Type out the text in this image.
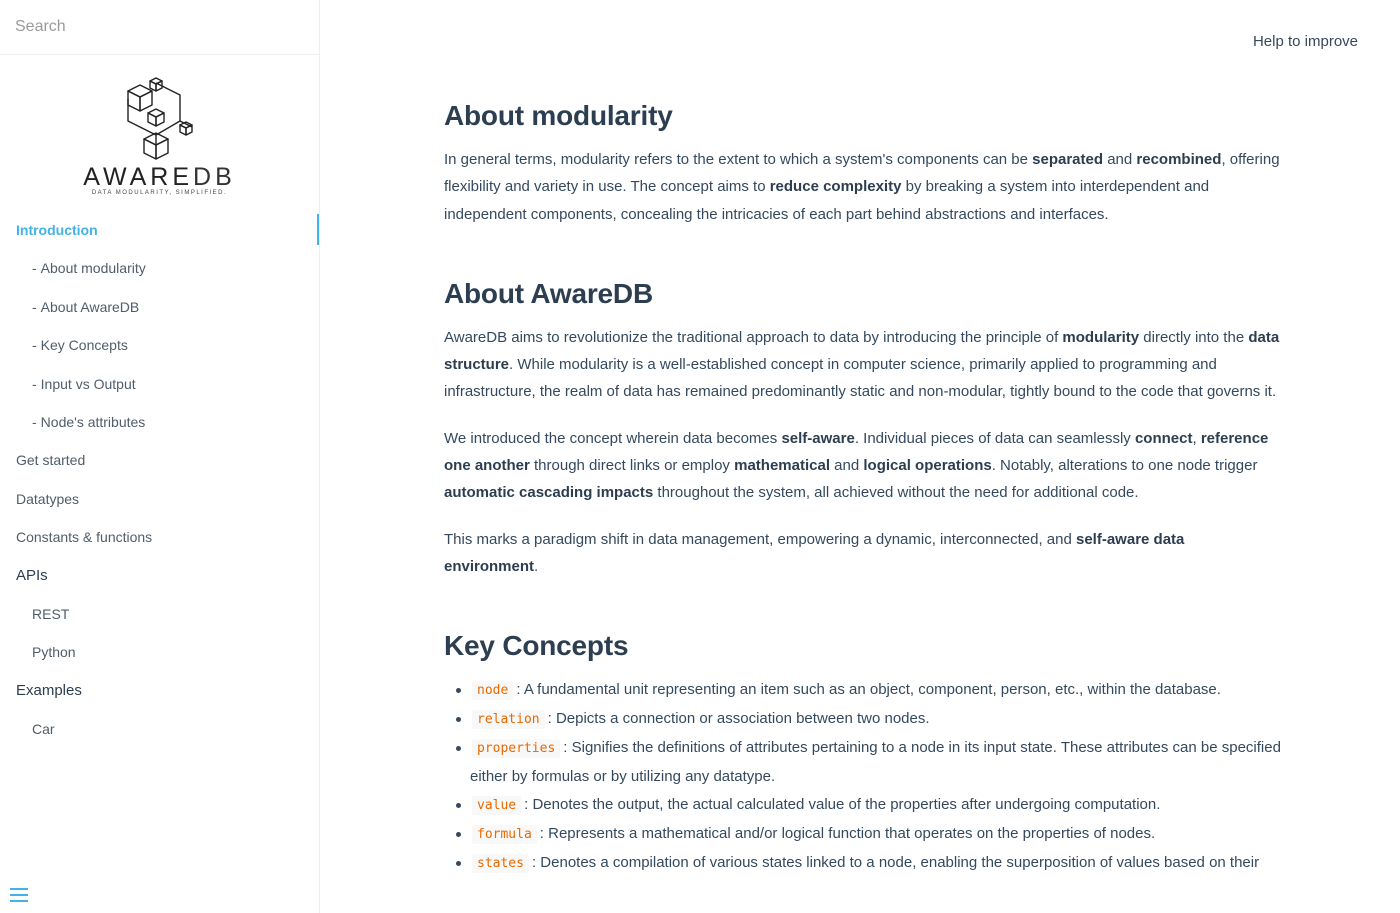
Search
AWAREDB
DATA MODULARITY, SIMPLIFIED.
Introduction
- About modularity
- About AwareDB
- Key Concepts
- Input vs Output
- Node's attributes
Get started
Datatypes
Constants & functions
APIs
REST
Python
Examples
Car
Help to improve
About modularity

In general terms, modularity refers to the extent to which a system's components can be separated and recombined, offering flexibility and variety in use. The concept aims to reduce complexity by breaking a system into interdependent and independent components, concealing the intricacies of each part behind abstractions and interfaces.

About AwareDB

AwareDB aims to revolutionize the traditional approach to data by introducing the principle of modularity directly into the data structure. While modularity is a well-established concept in computer science, primarily applied to programming and infrastructure, the realm of data has remained predominantly static and non-modular, tightly bound to the code that governs it.

We introduced the concept wherein data becomes self-aware. Individual pieces of data can seamlessly connect, reference one another through direct links or employ mathematical and logical operations. Notably, alterations to one node trigger automatic cascading impacts throughout the system, all achieved without the need for additional code.

This marks a paradigm shift in data management, empowering a dynamic, interconnected, and self-aware data environment.

Key Concepts
node : A fundamental unit representing an item such as an object, component, person, etc., within the database.
relation : Depicts a connection or association between two nodes.
properties : Signifies the definitions of attributes pertaining to a node in its input state. These attributes can be specified either by formulas or by utilizing any datatype.
value : Denotes the output, the actual calculated value of the properties after undergoing computation.
formula : Represents a mathematical and/or logical function that operates on the properties of nodes.
states : Denotes a compilation of various states linked to a node, enabling the superposition of values based on their
